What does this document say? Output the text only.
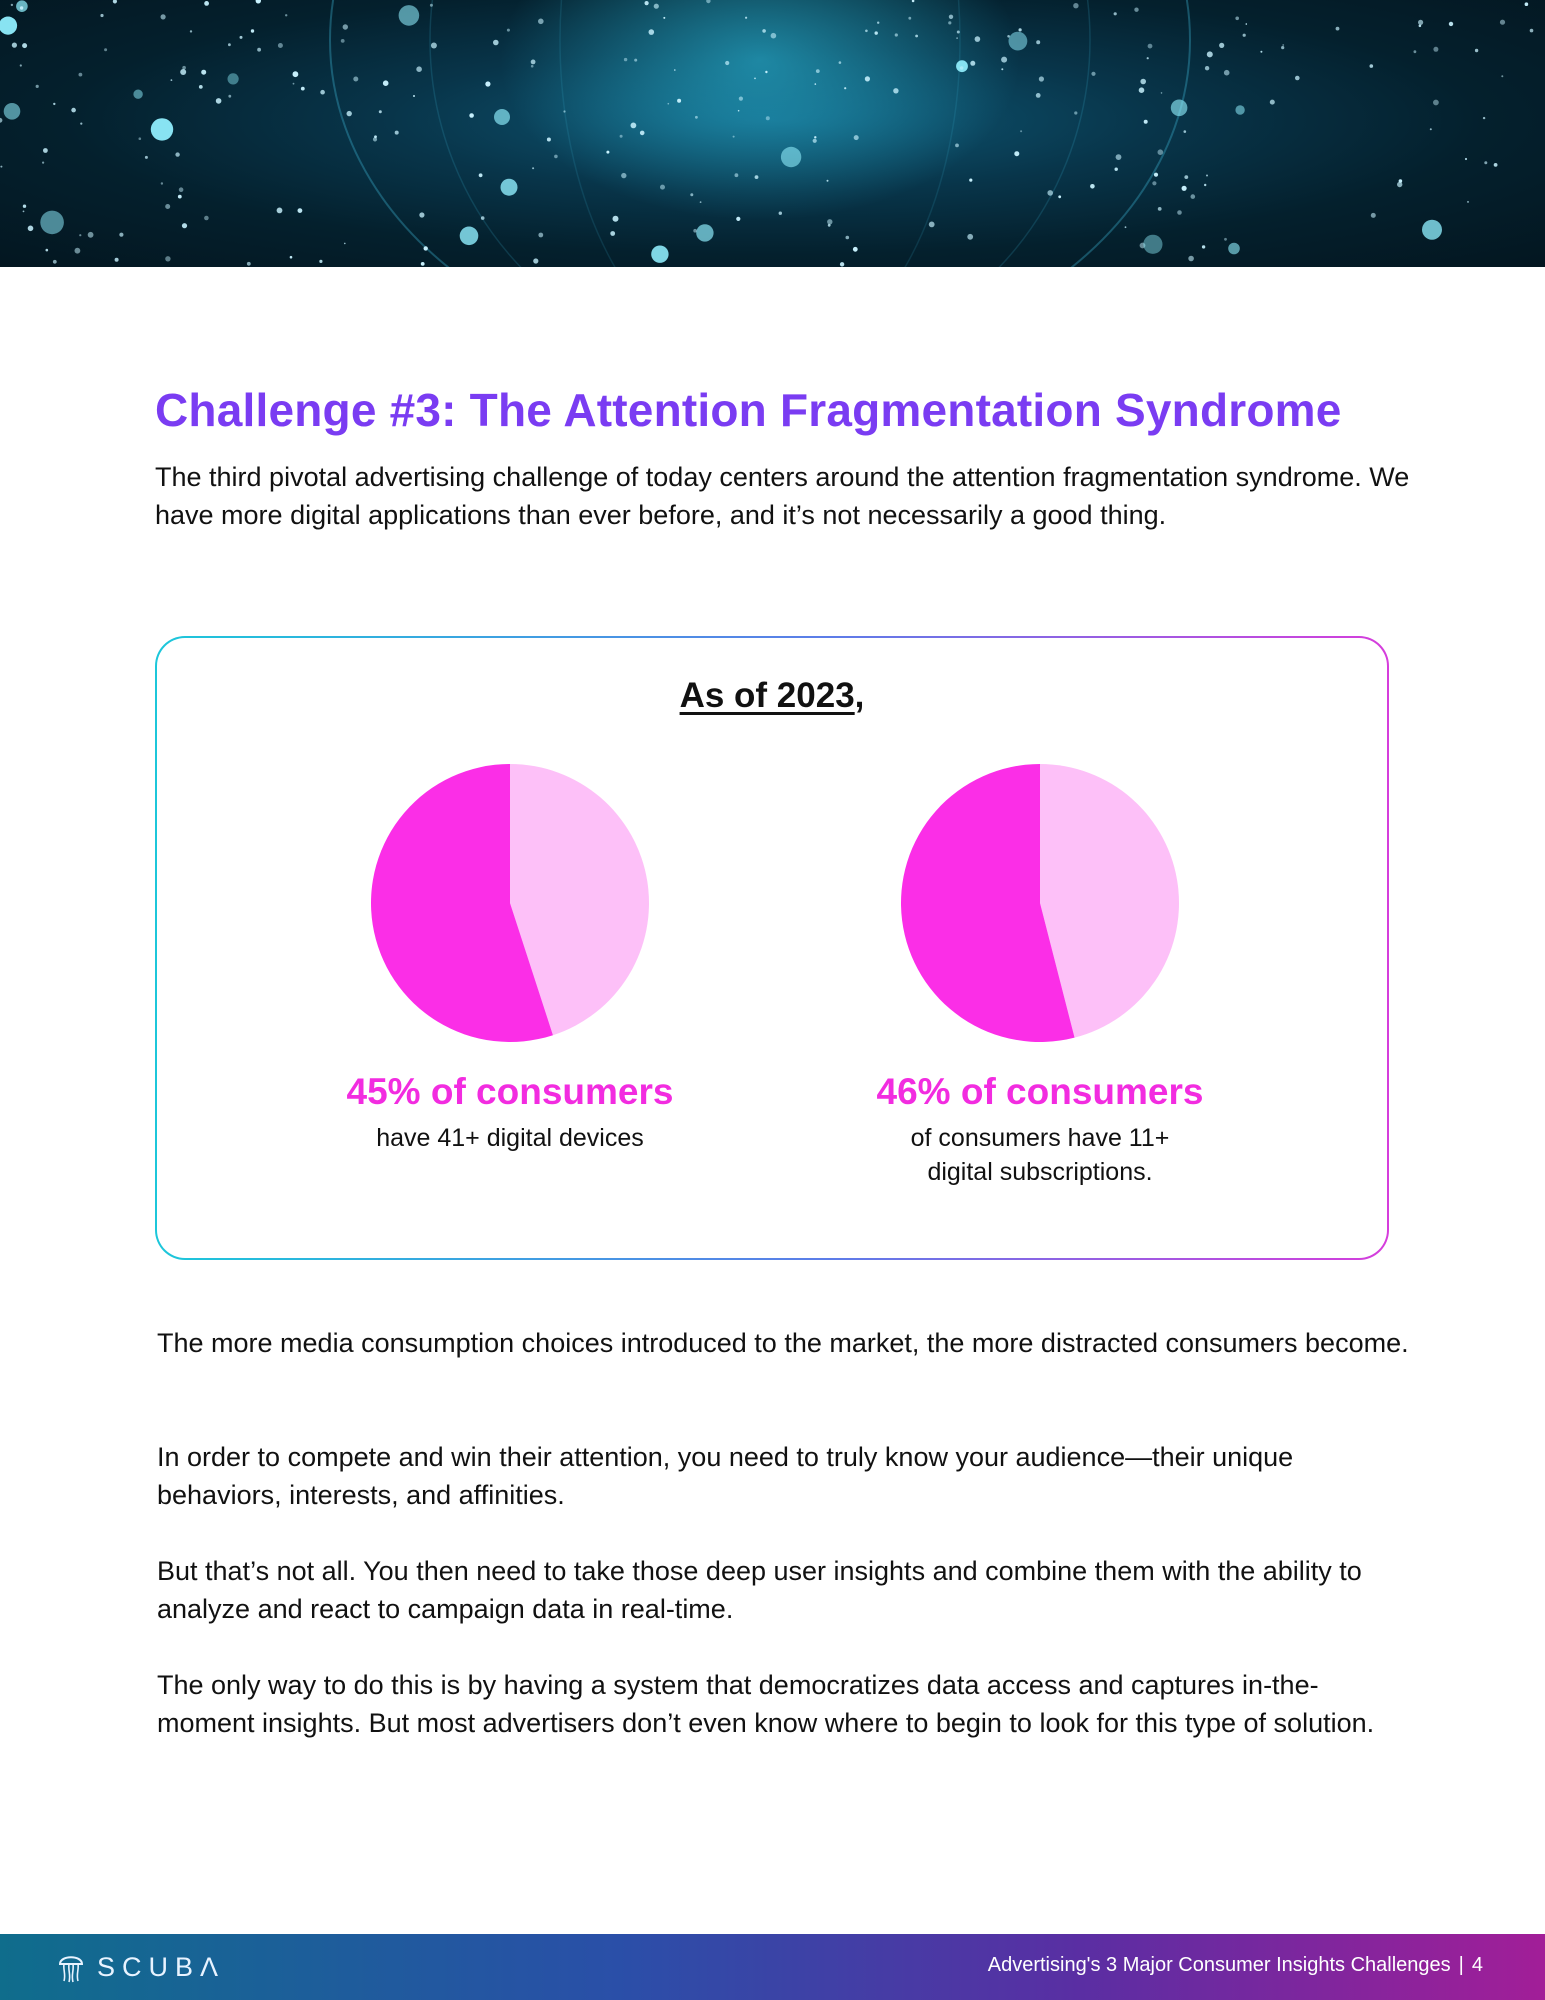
Challenge #3: The Attention Fragmentation Syndrome

The third pivotal advertising challenge of today centers around the attention fragmentation syndrome. We have more digital applications than ever before, and it’s not necessarily a good thing.

As of 2023,
45% of consumers
have 41+ digital devices
46% of consumers
of consumers have 11+ digital subscriptions.

The more media consumption choices introduced to the market, the more distracted consumers become.

In order to compete and win their attention, you need to truly know your audience—their unique behaviors, interests, and affinities.

But that’s not all. You then need to take those deep user insights and combine them with the ability to analyze and react to campaign data in real-time.

The only way to do this is by having a system that democratizes data access and captures in-the-moment insights. But most advertisers don’t even know where to begin to look for this type of solution.

SCUBΛ	Advertising's 3 Major Consumer Insights Challenges | 4
